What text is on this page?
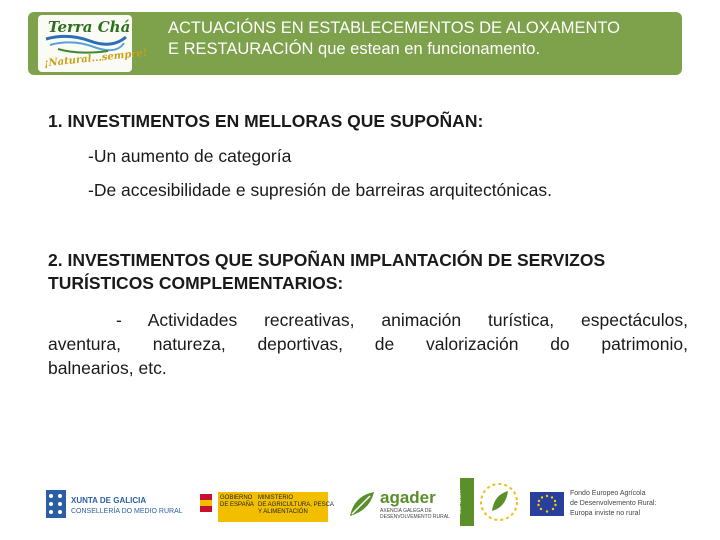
Terra Chá
¡Natural...sempre!
ACTUACIÓNS EN ESTABLECEMENTOS DE ALOXAMENTO
E RESTAURACIÓN que estean en funcionamento.
1. INVESTIMENTOS EN MELLORAS QUE SUPOÑAN:
-Un aumento de categoría
-De accesibilidade e supresión de barreiras arquitectónicas.
2. INVESTIMENTOS QUE SUPOÑAN IMPLANTACIÓN DE SERVIZOS
TURÍSTICOS COMPLEMENTARIOS:
- Actividades recreativas, animación turística, espectáculos,
aventura, natureza, deportivas, de valorización do patrimonio,
balnearios, etc.
XUNTA DE GALICIA
CONSELLERÍA DO MEDIO RURAL
GOBIERNO
DE ESPAÑA
MINISTERIO
DE AGRICULTURA, PESCA
Y ALIMENTACIÓN
agader
AXENCIA GALEGA DE
DESENVOLVEMENTO RURAL
LEADER	Fondo Europeo Agrícola
de Desenvolvemento Rural:
Europa inviste no rural
